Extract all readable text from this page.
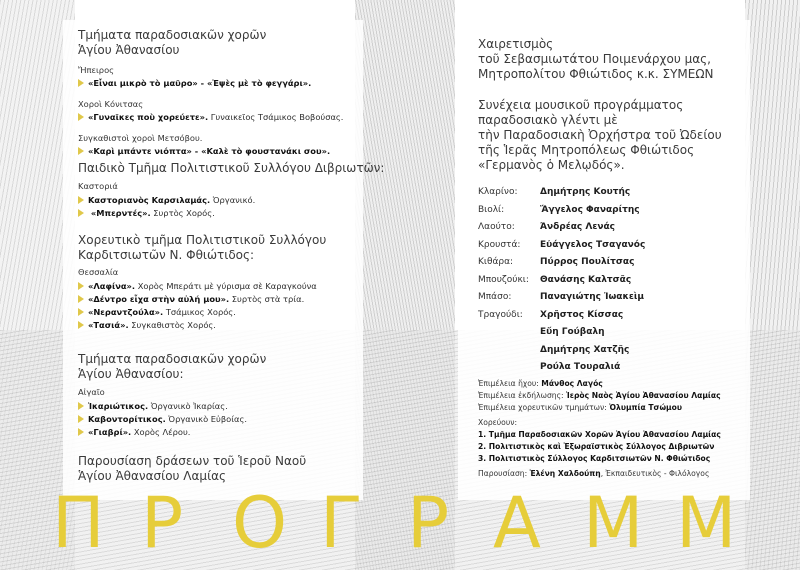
Τμήματα παραδοσιακῶν χορῶν
Ἁγίου Ἀθανασίου
Ἤπειρος
«Εἶναι μικρὸ τὸ μαῦρο» - «Ἐψὲς μὲ τὸ φεγγάρι».
Χοροὶ Κόνιτσας
«Γυναῖκες ποὺ χορεύετε». Γυναικεῖος Τσάμικος Βοβούσας.
Συγκαθιστοὶ χοροὶ Μετσόβου.
«Καρὶ μπάντε νιόπτα» - «Καλὲ τὸ φουστανάκι σου».
Παιδικὸ Τμῆμα Πολιτιστικοῦ Συλλόγου Διβριωτῶν:
Καστοριά
Καστοριανὸς Καρσιλαμάς. Ὀργανικό.
«Μπερντές». Συρτὸς Χορός.
Χορευτικὸ τμῆμα Πολιτιστικοῦ Συλλόγου
Καρδιτσιωτῶν Ν. Φθιώτιδος:
Θεσσαλία
«Λαφίνα». Χορὸς Μπεράτι μὲ γύρισμα σὲ Καραγκούνα
«Δέντρο εἶχα στὴν αὐλή μου». Συρτὸς στὰ τρία.
«Νεραντζούλα». Τσάμικος Χορός.
«Τασιά». Συγκαθιστὸς Χορός.
Τμήματα παραδοσιακῶν χορῶν
Ἁγίου Ἀθανασίου:
Αἰγαῖο
Ἰκαριώτικος. Ὀργανικὸ Ἰκαρίας.
Καβοντορίτικος. Ὀργανικὸ Εὐβοίας.
«Γιαβρί». Χορὸς Λέρου.
Παρουσίαση δράσεων τοῦ Ἱεροῦ Ναοῦ
Ἁγίου Ἀθανασίου Λαμίας
Χαιρετισμὸς
τοῦ Σεβασμιωτάτου Ποιμενάρχου μας,
Μητροπολίτου Φθιώτιδος κ.κ. ΣΥΜΕΩΝ
Συνέχεια μουσικοῦ προγράμματος
παραδοσιακὸ γλέντι μὲ
τὴν Παραδοσιακὴ Ὀρχήστρα τοῦ Ὠδείου
τῆς Ἱερᾶς Μητροπόλεως Φθιώτιδος
«Γερμανὸς ὁ Μελῳδός».
Κλαρίνο:	Δημήτρης Κουτής
Βιολί:	Ἄγγελος Φαναρίτης
Λαούτο:	Ἀνδρέας Λενάς
Κρουστά: Εὐάγγελος Τσαγανός
Κιθάρα:	Πύρρος Πουλίτσας
Μπουζούκι: Θανάσης Καλτσᾶς
Μπάσο:	Παναγιώτης Ἰωακεὶμ
Τραγούδι: Χρῆστος Κίσσας
Εὔη Γούβαλη
Δημήτρης Χατζῆς
Ρούλα Τουραλιά
Ἐπιμέλεια ἤχου: Μάνθος Λαγός
Ἐπιμέλεια ἐκδήλωσης: Ἱερὸς Ναὸς Ἁγίου Ἀθανασίου Λαμίας
Ἐπιμέλεια χορευτικῶν τμημάτων: Ὀλυμπία Τσώμου
Χορεύουν:
1. Τμῆμα Παραδοσιακῶν Χορῶν Ἁγίου Ἀθανασίου Λαμίας
2. Πολιτιστικὸς καὶ Ἐξωραϊστικὸς Σύλλογος Διβριωτῶν
3. Πολιτιστικὸς Σύλλογος Καρδιτσιωτῶν Ν. Φθιώτιδος
Παρουσίαση: Ἑλένη Χαλδούπη, Ἐκπαιδευτικὸς - Φιλόλογος
Π Ρ Ο Γ Ρ Α Μ Μ
